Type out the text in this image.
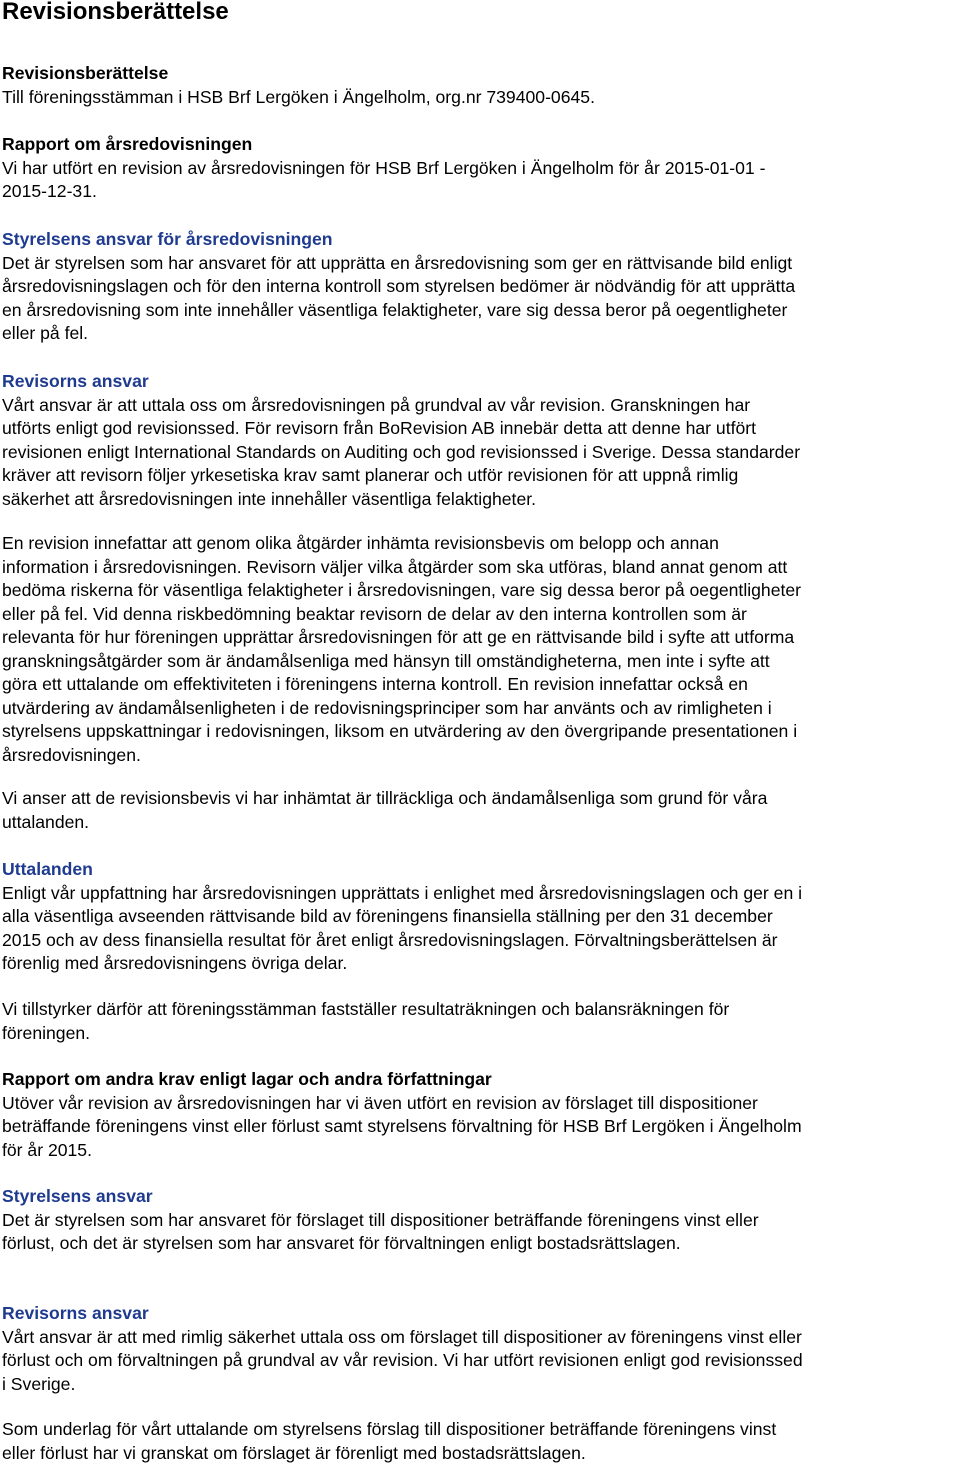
Revisionsberättelse
Revisionsberättelse
Till föreningsstämman i HSB Brf Lergöken i Ängelholm, org.nr 739400-0645.
Rapport om årsredovisningen
Vi har utfört en revision av årsredovisningen för HSB Brf Lergöken i Ängelholm för år 2015-01-01 -
2015-12-31.
Styrelsens ansvar för årsredovisningen
Det är styrelsen som har ansvaret för att upprätta en årsredovisning som ger en rättvisande bild enligt
årsredovisningslagen och för den interna kontroll som styrelsen bedömer är nödvändig för att upprätta
en årsredovisning som inte innehåller väsentliga felaktigheter, vare sig dessa beror på oegentligheter
eller på fel.
Revisorns ansvar
Vårt ansvar är att uttala oss om årsredovisningen på grundval av vår revision. Granskningen har
utförts enligt god revisionssed. För revisorn från BoRevision AB innebär detta att denne har utfört
revisionen enligt International Standards on Auditing och god revisionssed i Sverige. Dessa standarder
kräver att revisorn följer yrkesetiska krav samt planerar och utför revisionen för att uppnå rimlig
säkerhet att årsredovisningen inte innehåller väsentliga felaktigheter.
En revision innefattar att genom olika åtgärder inhämta revisionsbevis om belopp och annan
information i årsredovisningen. Revisorn väljer vilka åtgärder som ska utföras, bland annat genom att
bedöma riskerna för väsentliga felaktigheter i årsredovisningen, vare sig dessa beror på oegentligheter
eller på fel. Vid denna riskbedömning beaktar revisorn de delar av den interna kontrollen som är
relevanta för hur föreningen upprättar årsredovisningen för att ge en rättvisande bild i syfte att utforma
granskningsåtgärder som är ändamålsenliga med hänsyn till omständigheterna, men inte i syfte att
göra ett uttalande om effektiviteten i föreningens interna kontroll. En revision innefattar också en
utvärdering av ändamålsenligheten i de redovisningsprinciper som har använts och av rimligheten i
styrelsens uppskattningar i redovisningen, liksom en utvärdering av den övergripande presentationen i
årsredovisningen.
Vi anser att de revisionsbevis vi har inhämtat är tillräckliga och ändamålsenliga som grund för våra
uttalanden.
Uttalanden
Enligt vår uppfattning har årsredovisningen upprättats i enlighet med årsredovisningslagen och ger en i
alla väsentliga avseenden rättvisande bild av föreningens finansiella ställning per den 31 december
2015 och av dess finansiella resultat för året enligt årsredovisningslagen. Förvaltningsberättelsen är
förenlig med årsredovisningens övriga delar.
Vi tillstyrker därför att föreningsstämman fastställer resultaträkningen och balansräkningen för
föreningen.
Rapport om andra krav enligt lagar och andra författningar
Utöver vår revision av årsredovisningen har vi även utfört en revision av förslaget till dispositioner
beträffande föreningens vinst eller förlust samt styrelsens förvaltning för HSB Brf Lergöken i Ängelholm
för år 2015.
Styrelsens ansvar
Det är styrelsen som har ansvaret för förslaget till dispositioner beträffande föreningens vinst eller
förlust, och det är styrelsen som har ansvaret för förvaltningen enligt bostadsrättslagen.
Revisorns ansvar
Vårt ansvar är att med rimlig säkerhet uttala oss om förslaget till dispositioner av föreningens vinst eller
förlust och om förvaltningen på grundval av vår revision. Vi har utfört revisionen enligt god revisionssed
i Sverige.
Som underlag för vårt uttalande om styrelsens förslag till dispositioner beträffande föreningens vinst
eller förlust har vi granskat om förslaget är förenligt med bostadsrättslagen.
